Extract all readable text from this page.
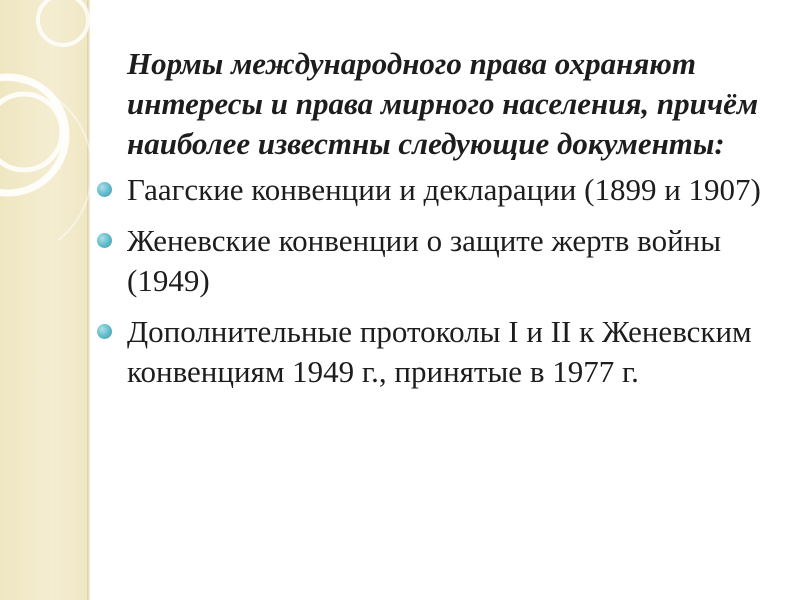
Нормы международного права охраняют интересы и права мирного населения, причём наиболее известны следующие документы:

Гаагские конвенции и декларации (1899 и 1907)
Женевские конвенции о защите жертв войны (1949)
Дополнительные протоколы I и II к Женевским конвенциям 1949 г., принятые в 1977 г.
